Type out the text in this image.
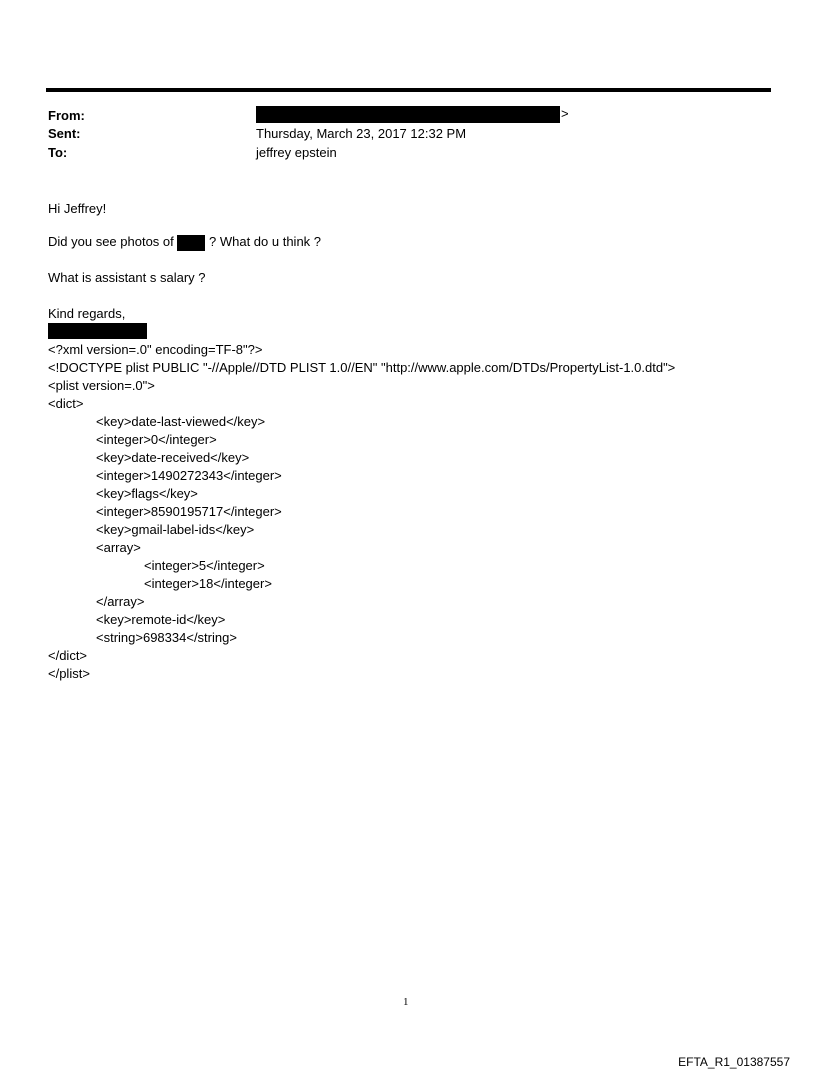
From:	>
Sent:	Thursday, March 23, 2017 12:32 PM
To:	jeffrey epstein
Hi Jeffrey!
Did you see photos of	? What do u think ?
What is assistant s salary ?
Kind regards,
<?xml version=.0" encoding=TF-8"?>
<!DOCTYPE plist PUBLIC "-//Apple//DTD PLIST 1.0//EN" "http://www.apple.com/DTDs/PropertyList-1.0.dtd">
<plist version=.0">
<dict>
<key>date-last-viewed</key>
<integer>0</integer>
<key>date-received</key>
<integer>1490272343</integer>
<key>flags</key>
<integer>8590195717</integer>
<key>gmail-label-ids</key>
<array>
<integer>5</integer>
<integer>18</integer>
</array>
<key>remote-id</key>
<string>698334</string>
</dict>
</plist>
1
EFTA_R1_01387557
